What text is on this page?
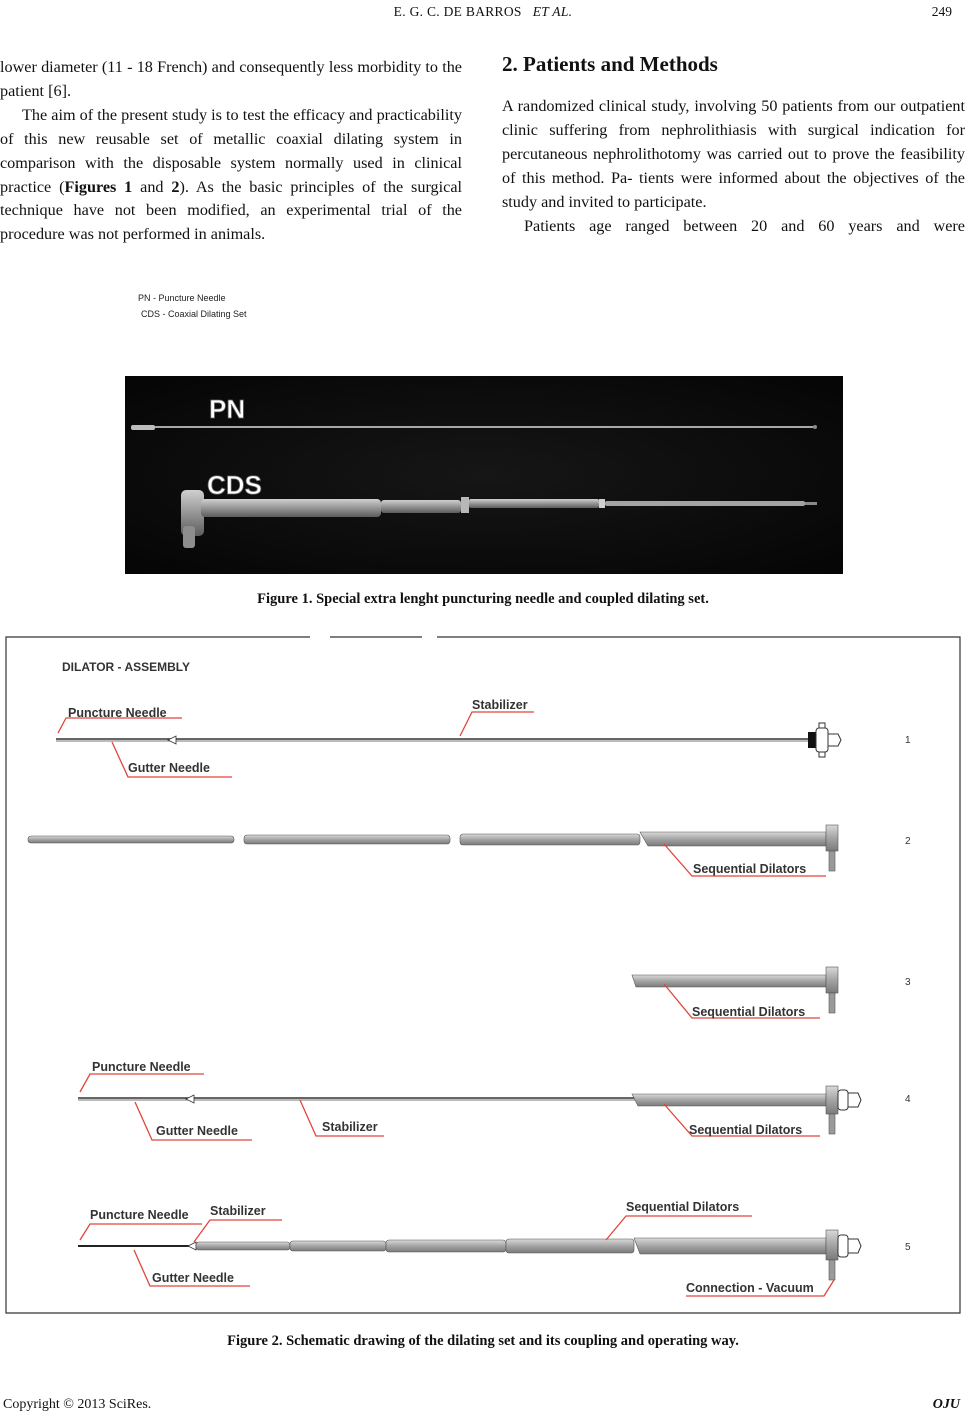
E. G. C. DE BARROS ET AL.	249

lower diameter (11 - 18 French) and consequently less morbidity to the patient [6].

The aim of the present study is to test the efficacy and practicability of this new reusable set of metallic coaxial dilating system in comparison with the disposable system normally used in clinical practice (Figures 1 and 2). As the basic principles of the surgical technique have not been modified, an experimental trial of the procedure was not performed in animals.

2. Patients and Methods

A randomized clinical study, involving 50 patients from our outpatient clinic suffering from nephrolithiasis with surgical indication for percutaneous nephrolithotomy was carried out to prove the feasibility of this method. Pa- tients were informed about the objectives of the study and invited to participate.

Patients age ranged between 20 and 60 years and were

PN - Puncture Needle
CDS - Coaxial Dilating Set
PN
CDS
Figure 1. Special extra lenght puncturing needle and coupled dilating set.
DILATOR - ASSEMBLY
Puncture Needle
Stabilizer
Gutter Needle
1
Sequential Dilators
2
Sequential Dilators
3
Puncture Needle
Stabilizer
Gutter Needle	Sequential Dilators
4
Puncture Needle Stabilizer	Sequential Dilators
Gutter Needle
Connection - Vacuum
5
Figure 2. Schematic drawing of the dilating set and its coupling and operating way.
Copyright © 2013 SciRes.	OJU
